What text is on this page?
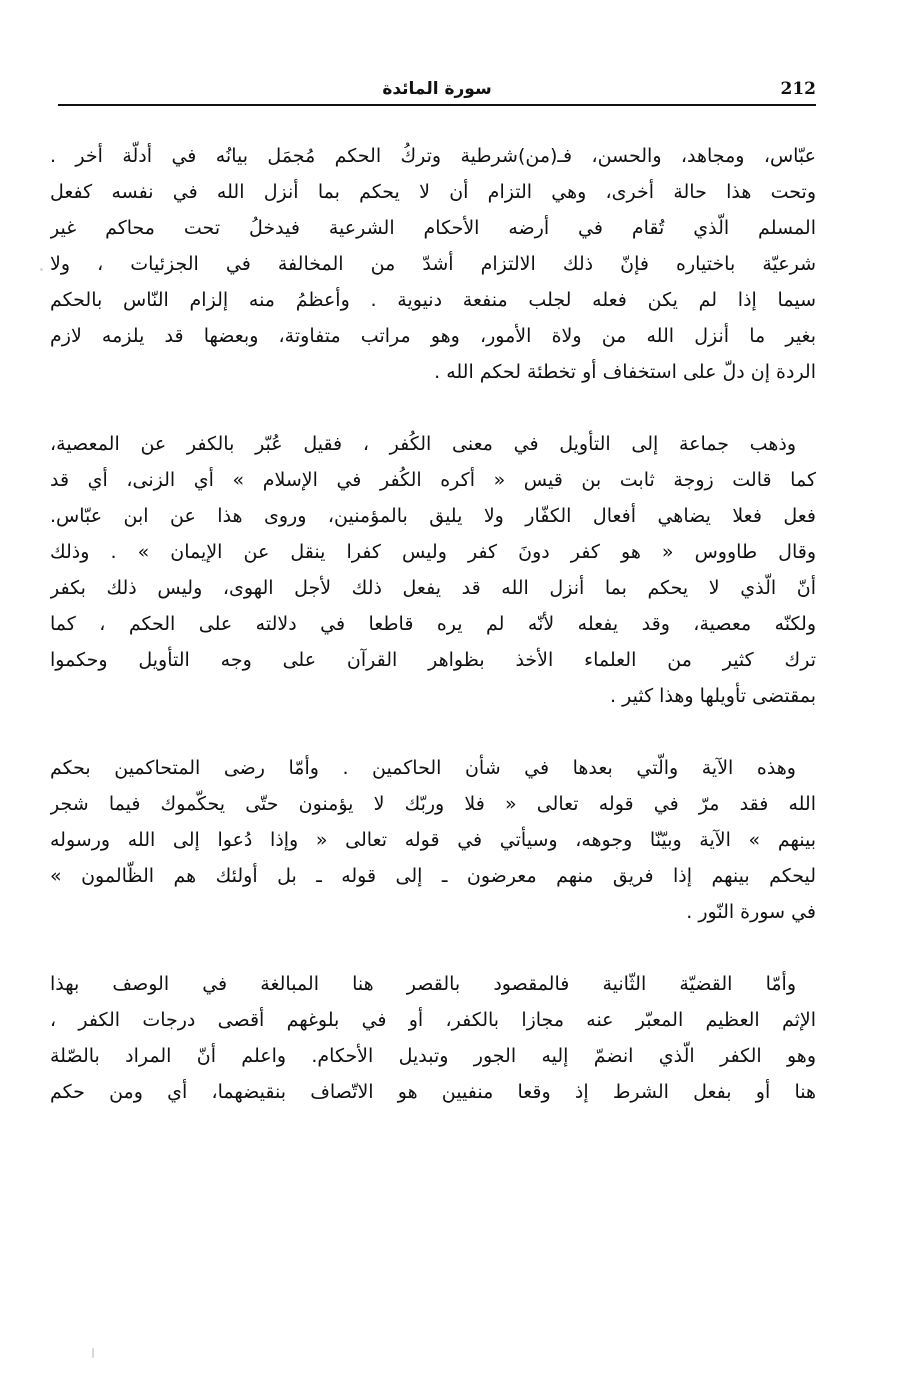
سورة المائدة	212
عبّاس، ومجاهد، والحسن، فـ(من)شرطية وتركُ الحكم مُجمَل بيانُه في أدلّة أخر .
وتحت هذا حالة أخرى، وهي التزام أن لا يحكم بما أنزل الله في نفسه كفعل
المسلم الّذي تُقام في أرضه الأحكام الشرعية فيدخلُ تحت محاكم غير
شرعيّة باختياره فإنّ ذلك الالتزام أشدّ من المخالفة في الجزئيات ، ولا
سيما إذا لم يكن فعله لجلب منفعة دنيوية . وأعظمُ منه إلزام النّاس بالحكم
بغير ما أنزل الله من ولاة الأمور، وهو مراتب متفاوتة، وبعضها قد يلزمه لازم
الردة إن دلّ على استخفاف أو تخطئة لحكم الله .
وذهب جماعة إلى التأويل في معنى الكُفر ، فقيل عُبّر بالكفر عن المعصية،
كما قالت زوجة ثابت بن قيس « أكره الكُفر في الإسلام » أي الزنى، أي قد
فعل فعلا يضاهي أفعال الكفّار ولا يليق بالمؤمنين، وروى هذا عن ابن عبّاس.
وقال طاووس « هو كفر دونَ كفر وليس كفرا ينقل عن الإيمان » . وذلك
أنّ الّذي لا يحكم بما أنزل الله قد يفعل ذلك لأجل الهوى، وليس ذلك بكفر
ولكنّه معصية، وقد يفعله لأنّه لم يره قاطعا في دلالته على الحكم ، كما
ترك كثير من العلماء الأخذ بظواهر القرآن على وجه التأويل وحكموا
بمقتضى تأويلها وهذا كثير .
وهذه الآية والّتي بعدها في شأن الحاكمين . وأمّا رضى المتحاكمين بحكم
الله فقد مرّ في قوله تعالى « فلا وربّك لا يؤمنون حتّى يحكّموك فيما شجر
بينهم » الآية وبيّنّا وجوهه، وسيأتي في قوله تعالى « وإذا دُعوا إلى الله ورسوله
ليحكم بينهم إذا فريق منهم معرضون ـ إلى قوله ـ بل أولئك هم الظّالمون »
في سورة النّور .
وأمّا القضيّة الثّانية فالمقصود بالقصر هنا المبالغة في الوصف بهذا
الإثم العظيم المعبّر عنه مجازا بالكفر، أو في بلوغهم أقصى درجات الكفر ،
وهو الكفر الّذي انضمّ إليه الجور وتبديل الأحكام. واعلم أنّ المراد بالصّلة
هنا أو بفعل الشرط إذ وقعا منفيين هو الاتّصاف بنقيضهما، أي ومن حكم
